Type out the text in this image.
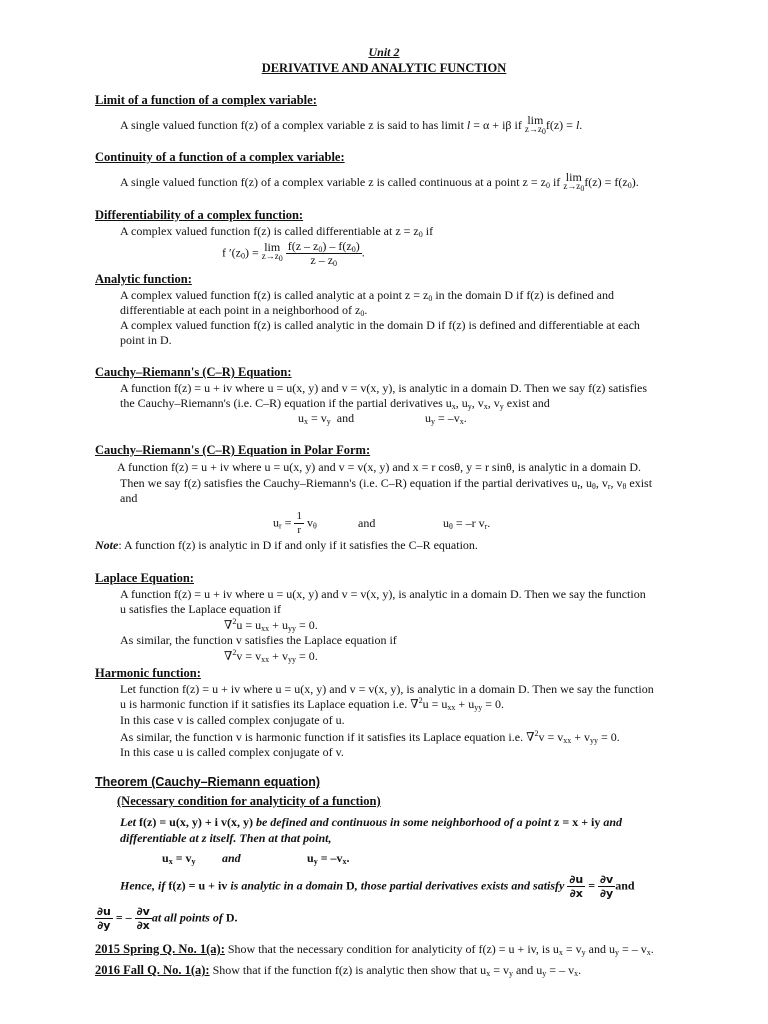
Unit 2
DERIVATIVE AND ANALYTIC FUNCTION
Limit of a function of a complex variable:
A single valued function f(z) of a complex variable z is said to has limit l = α + iβ if lim
$z\to z_0$ f(z) = l.
Continuity of a function of a complex variable:
A single valued function f(z) of a complex variable z is called continuous at a point $z = z_0$ if lim
$z\to z_0$ $f(z) = f(z_0)$.
Differentiability of a complex function:
A complex valued function f(z) is called differentiable at $z = z_0$ if
f $'(z_0) = \lim$
$z\to z_0$
$\frac{f(z - z_0) - f(z_0)}{z - z_0}$ .
Analytic function:
A complex valued function f(z) is called analytic at a point $z = z_0$ in the domain D if f(z) is defined and
differentiable at each point in a neighborhood of $z_0$.
A complex valued function f(z) is called analytic in the domain D if f(z) is defined and differentiable at each
point in D.
Cauchy–Riemann's (C–R) Equation:
A function f(z) = u + iv where u = u(x, y) and v = v(x, y), is analytic in a domain D. Then we say f(z) satisfies
the Cauchy–Riemann's (i.e. C–R) equation if the partial derivatives $u_x$, $u_y$, $v_x$, $v_y$ exist and
$u_x = v_y$ and	$u_y = -v_x$.
Cauchy–Riemann's (C–R) Equation in Polar Form:
A function f(z) = u + iv where u = u(x, y) and v = v(x, y) and x = r cosθ, y = r sinθ, is analytic in a domain D.
Then we say f(z) satisfies the Cauchy–Riemann's (i.e. C–R) equation if the partial derivatives $u_r$, $u_\theta$, $v_r$, $v_\theta$ exist
and
$u_r = \frac{1}{r} v_\theta$	and	$u_\theta = -r$ $v_r$.
Note: A function f(z) is analytic in D if and only if it satisfies the C–R equation.
Laplace Equation:
A function f(z) = u + iv where u = u(x, y) and v = v(x, y), is analytic in a domain D. Then we say the function
u satisfies the Laplace equation if
$\nabla^2u = u_{xx} + u_{yy} = 0$.
As similar, the function v satisfies the Laplace equation if
$\nabla^2v = v_{xx} + v_{yy} = 0$.
Harmonic function:
Let function f(z) = u + iv where u = u(x, y) and v = v(x, y), is analytic in a domain D. Then we say the function
u is harmonic function if it satisfies its Laplace equation i.e. $\nabla^2u = u_{xx} + u_{yy} = 0$.
In this case v is called complex conjugate of u.
As similar, the function v is harmonic function if it satisfies its Laplace equation i.e. $\nabla^2v = v_{xx} + v_{yy} = 0$.
In this case u is called complex conjugate of v.
Theorem (Cauchy–Riemann equation)
(Necessary condition for analyticity of a function)
Let f(z) = u(x, y) + i v(x, y) be defined and continuous in some neighborhood of a point z = x + iy and
differentiable at z itself. Then at that point,
$u_x = v_y$	and	$u_y = -v_x$.
Hence, if f(z) = u + iv is analytic in a domain D, those partial derivatives exists and satisfy $\frac{\partial u}{\partial x} = \frac{\partial v}{\partial y}$ and
$\frac{\partial u}{\partial y}$ = – $\frac{\partial v}{\partial x}$ at all points of D.
2015 Spring Q. No. 1(a): Show that the necessary condition for analyticity of f(z) = u + iv, is $u_x = v_y$ and $u_y$ = – $v_x$.
2016 Fall Q. No. 1(a): Show that if the function f(z) is analytic then show that $u_x = v_y$ and $u_y$ = – $v_x$.
